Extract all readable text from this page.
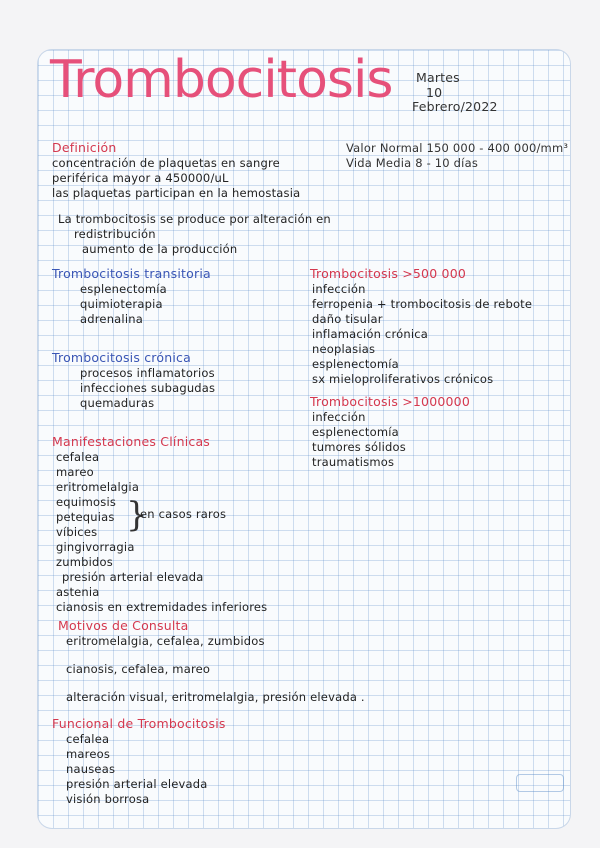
Trombocitosis Martes
10
Febrero/2022
Valor Normal 150 000 - 400 000/mm³
Vida Media 8 - 10 días
Definición
concentración de plaquetas en sangre
periférica mayor a 450000/uL
las plaquetas participan en la hemostasia
La trombocitosis se produce por alteración en
redistribución
aumento de la producción
Trombocitosis transitoria
esplenectomía
quimioterapia
adrenalina
Trombocitosis crónica
procesos inflamatorios
infecciones subagudas
quemaduras
Trombocitosis >500 000
infección
ferropenia + trombocitosis de rebote
daño tisular
inflamación crónica
neoplasias
esplenectomía
sx mieloproliferativos crónicos
Trombocitosis >1000000
infección
esplenectomía
tumores sólidos
traumatismos
Manifestaciones Clínicas
cefalea
mareo
eritromelalgia
equimosis
petequias
víbices
gingivorragia
zumbidos
presión arterial elevada
astenia
cianosis en extremidades inferiores
}
en casos raros
Motivos de Consulta
eritromelalgia, cefalea, zumbidos
cianosis, cefalea, mareo
alteración visual, eritromelalgia, presión elevada .
Funcional de Trombocitosis
cefalea
mareos
nauseas
presión arterial elevada
visión borrosa
